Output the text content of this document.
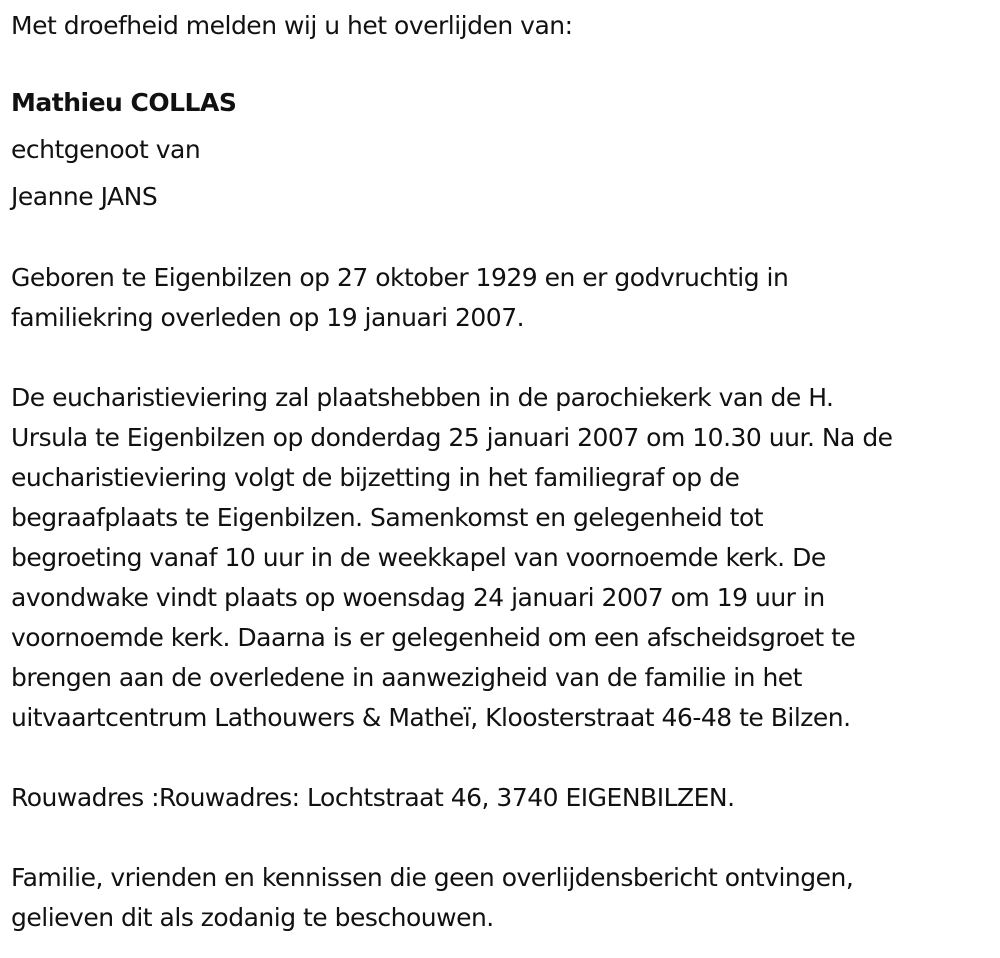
Met droefheid melden wij u het overlijden van:

Mathieu COLLAS

echtgenoot van

Jeanne JANS

Geboren te Eigenbilzen op 27 oktober 1929 en er godvruchtig in

familiekring overleden op 19 januari 2007.

De eucharistieviering zal plaatshebben in de parochiekerk van de H.

Ursula te Eigenbilzen op donderdag 25 januari 2007 om 10.30 uur. Na de

eucharistieviering volgt de bijzetting in het familiegraf op de

begraafplaats te Eigenbilzen. Samenkomst en gelegenheid tot

begroeting vanaf 10 uur in de weekkapel van voornoemde kerk. De

avondwake vindt plaats op woensdag 24 januari 2007 om 19 uur in

voornoemde kerk. Daarna is er gelegenheid om een afscheidsgroet te

brengen aan de overledene in aanwezigheid van de familie in het

uitvaartcentrum Lathouwers & Matheï, Kloosterstraat 46-48 te Bilzen.

Rouwadres :Rouwadres: Lochtstraat 46, 3740 EIGENBILZEN.

Familie, vrienden en kennissen die geen overlijdensbericht ontvingen,

gelieven dit als zodanig te beschouwen.
